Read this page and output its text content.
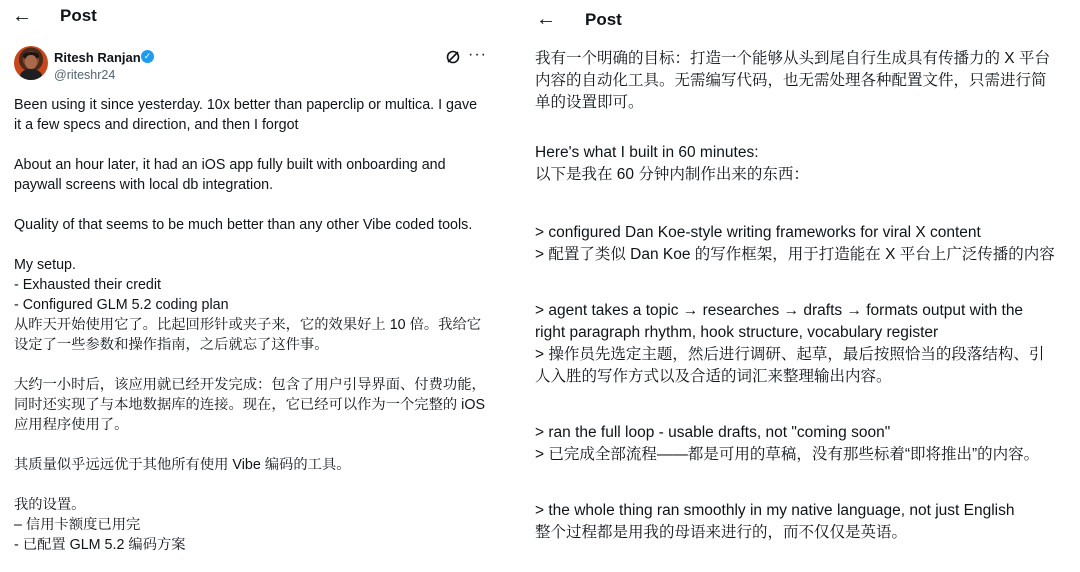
← Post
Ritesh Ranjan ✓
@riteshr24
···
Been using it since yesterday. 10x better than paperclip or multica. I gave
it a few specs and direction, and then I forgot
About an hour later, it had an iOS app fully built with onboarding and
paywall screens with local db integration.
Quality of that seems to be much better than any other Vibe coded tools.
My setup.
- Exhausted their credit
- Configured GLM 5.2 coding plan
从昨天开始使用它了。比起回形针或夹子来，它的效果好上 10 倍。我给它
设定了一些参数和操作指南，之后就忘了这件事。
大约一小时后，该应用就已经开发完成：包含了用户引导界面、付费功能，
同时还实现了与本地数据库的连接。现在，它已经可以作为一个完整的 iOS
应用程序使用了。
其质量似乎远远优于其他所有使用 Vibe 编码的工具。
我的设置。
– 信用卡额度已用完
- 已配置 GLM 5.2 编码方案
← Post
我有一个明确的目标：打造一个能够从头到尾自行生成具有传播力的 X 平台
内容的自动化工具。无需编写代码，也无需处理各种配置文件，只需进行简
单的设置即可。
Here's what I built in 60 minutes:
以下是我在 60 分钟内制作出来的东西：
> configured Dan Koe-style writing frameworks for viral X content
> 配置了类似 Dan Koe 的写作框架，用于打造能在 X 平台上广泛传播的内容
> agent takes a topic → researches → drafts → formats output with the
right paragraph rhythm, hook structure, vocabulary register
> 操作员先选定主题，然后进行调研、起草，最后按照恰当的段落结构、引
人入胜的写作方式以及合适的词汇来整理输出内容。
> ran the full loop - usable drafts, not "coming soon"
> 已完成全部流程——都是可用的草稿，没有那些标着“即将推出”的内容。
> the whole thing ran smoothly in my native language, not just English
整个过程都是用我的母语来进行的，而不仅仅是英语。
